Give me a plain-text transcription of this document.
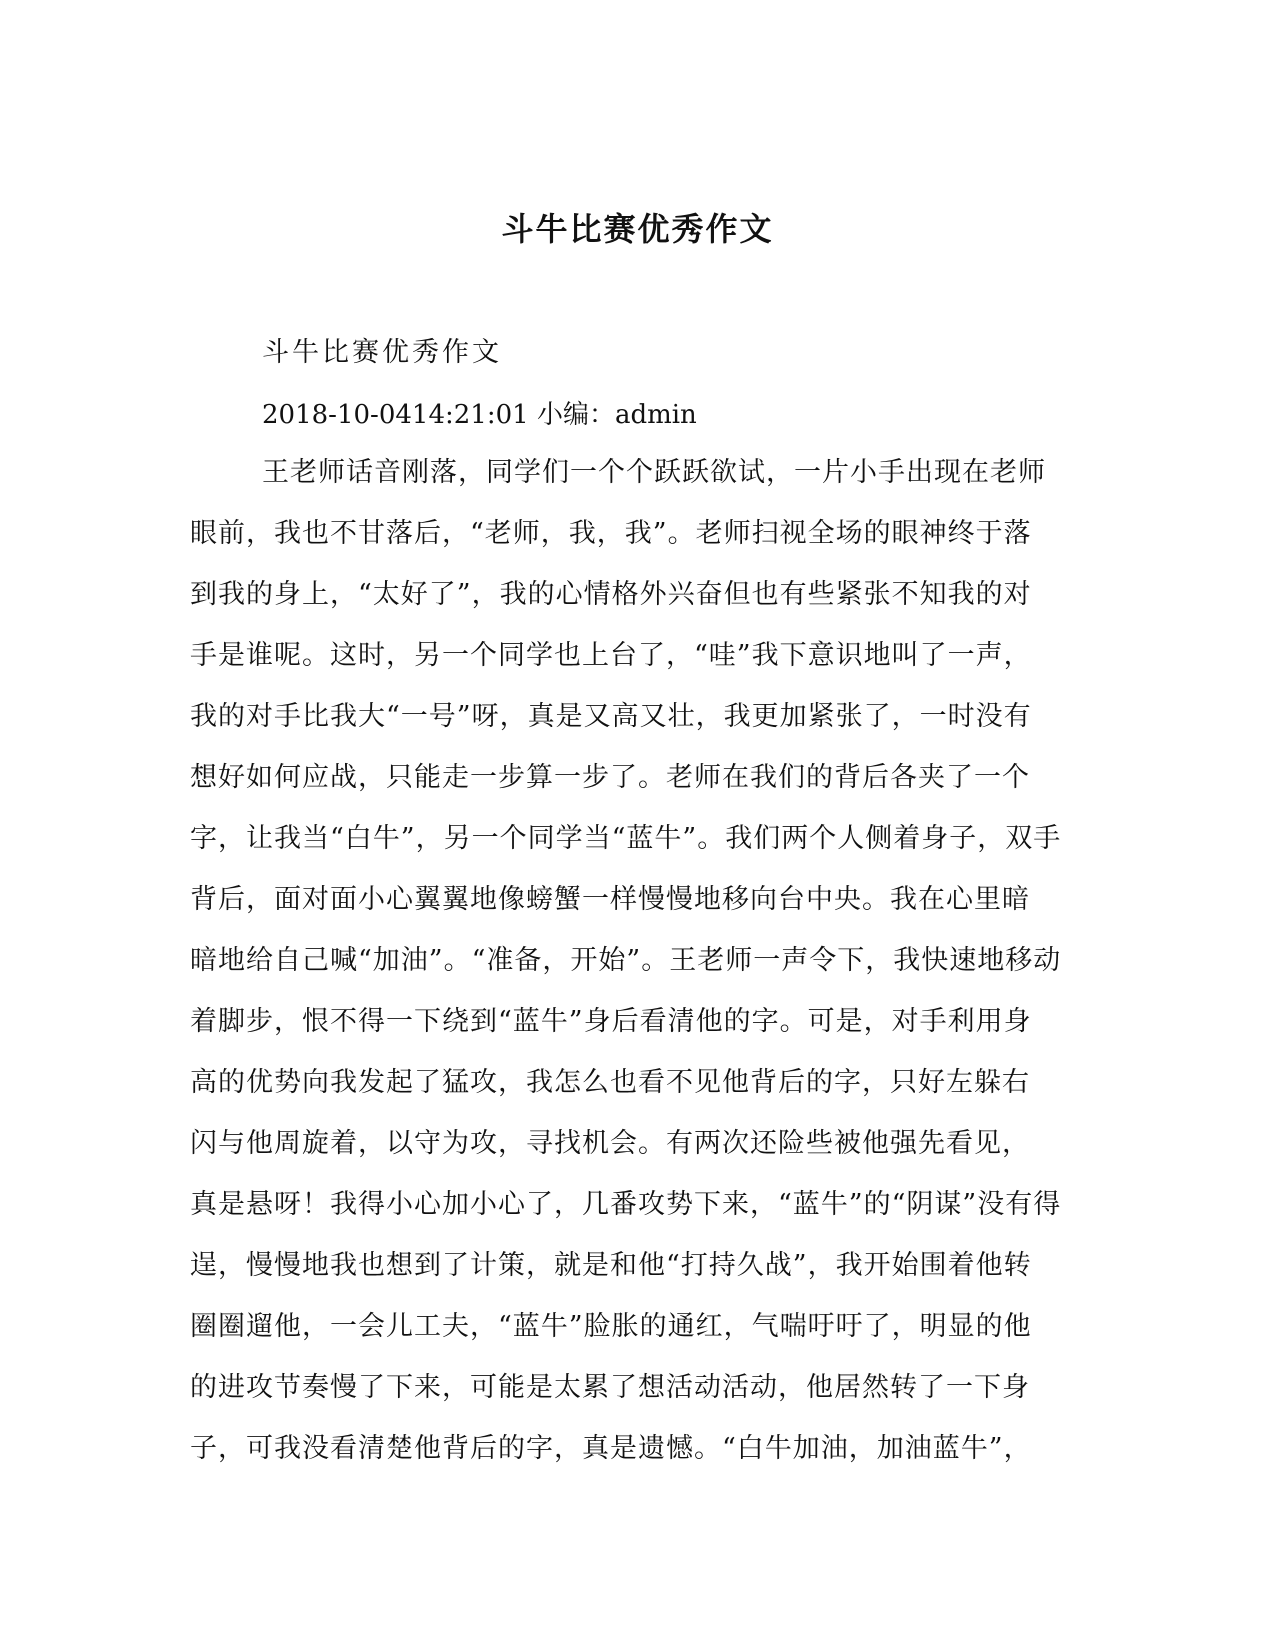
斗牛比赛优秀作文

斗牛比赛优秀作文

2018-10-0414:21:01 小编：admin

王老师话音刚落，同学们一个个跃跃欲试，一片小手出现在老师
眼前，我也不甘落后，“老师，我，我”。老师扫视全场的眼神终于落
到我的身上，“太好了”，我的心情格外兴奋但也有些紧张不知我的对
手是谁呢。这时，另一个同学也上台了，“哇”我下意识地叫了一声，
我的对手比我大“一号”呀，真是又高又壮，我更加紧张了，一时没有
想好如何应战，只能走一步算一步了。老师在我们的背后各夹了一个
字，让我当“白牛”，另一个同学当“蓝牛”。我们两个人侧着身子，双手
背后，面对面小心翼翼地像螃蟹一样慢慢地移向台中央。我在心里暗
暗地给自己喊“加油”。“准备，开始”。王老师一声令下，我快速地移动
着脚步，恨不得一下绕到“蓝牛”身后看清他的字。可是，对手利用身
高的优势向我发起了猛攻，我怎么也看不见他背后的字，只好左躲右
闪与他周旋着，以守为攻，寻找机会。有两次还险些被他强先看见，
真是悬呀！我得小心加小心了，几番攻势下来，“蓝牛”的“阴谋”没有得
逞，慢慢地我也想到了计策，就是和他“打持久战”，我开始围着他转
圈圈遛他，一会儿工夫，“蓝牛”脸胀的通红，气喘吁吁了，明显的他
的进攻节奏慢了下来，可能是太累了想活动活动，他居然转了一下身
子，可我没看清楚他背后的字，真是遗憾。“白牛加油，加油蓝牛”，
